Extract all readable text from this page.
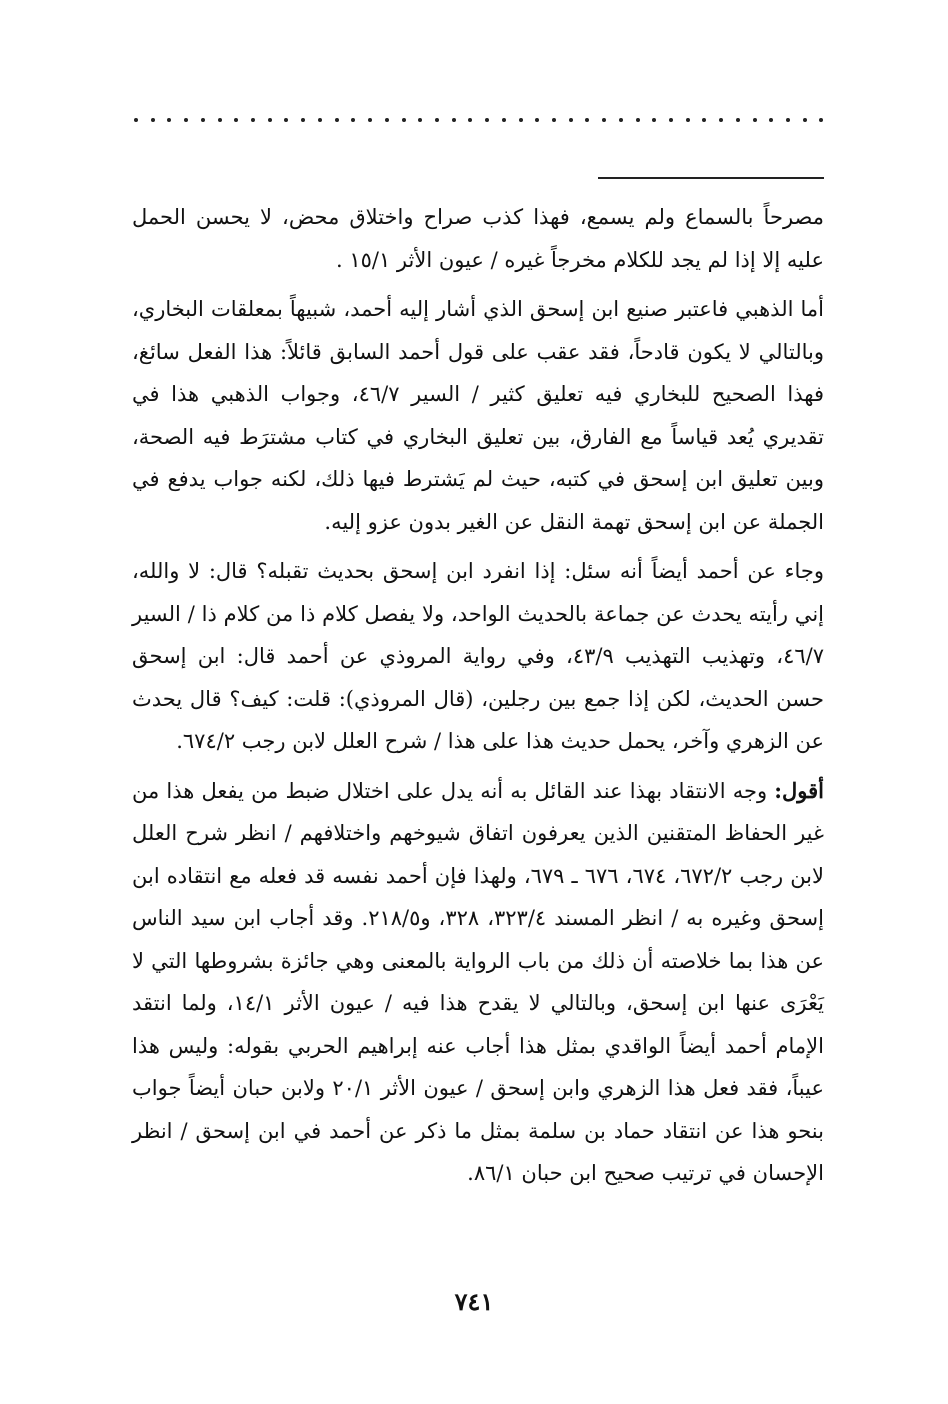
مصرحاً بالسماع ولم يسمع، فهذا كذب صراح واختلاق محض، لا يحسن الحمل عليه إلا إذا لم يجد للكلام مخرجاً غيره / عيون الأثر ١٥/١ .

أما الذهبي فاعتبر صنيع ابن إسحق الذي أشار إليه أحمد، شبيهاً بمعلقات البخاري، وبالتالي لا يكون قادحاً، فقد عقب على قول أحمد السابق قائلاً: هذا الفعل سائغ، فهذا الصحيح للبخاري فيه تعليق كثير / السير ٤٦/٧، وجواب الذهبي هذا في تقديري يُعد قياساً مع الفارق، بين تعليق البخاري في كتاب مشترَط فيه الصحة، وبين تعليق ابن إسحق في كتبه، حيث لم يَشترط فيها ذلك، لكنه جواب يدفع في الجملة عن ابن إسحق تهمة النقل عن الغير بدون عزو إليه.

وجاء عن أحمد أيضاً أنه سئل: إذا انفرد ابن إسحق بحديث تقبله؟ قال: لا والله، إني رأيته يحدث عن جماعة بالحديث الواحد، ولا يفصل كلام ذا من كلام ذا / السير ٤٦/٧، وتهذيب التهذيب ٤٣/٩، وفي رواية المروذي عن أحمد قال: ابن إسحق حسن الحديث، لكن إذا جمع بين رجلين، (قال المروذي): قلت: كيف؟ قال يحدث عن الزهري وآخر، يحمل حديث هذا على هذا / شرح العلل لابن رجب ٦٧٤/٢.

أقول: وجه الانتقاد بهذا عند القائل به أنه يدل على اختلال ضبط من يفعل هذا من غير الحفاظ المتقنين الذين يعرفون اتفاق شيوخهم واختلافهم / انظر شرح العلل لابن رجب ٦٧٢/٢، ٦٧٤، ٦٧٦ ـ ٦٧٩، ولهذا فإن أحمد نفسه قد فعله مع انتقاده ابن إسحق وغيره به / انظر المسند ٣٢٣/٤، ٣٢٨، و٢١٨/٥. وقد أجاب ابن سيد الناس عن هذا بما خلاصته أن ذلك من باب الرواية بالمعنى وهي جائزة بشروطها التي لا يَعْرَى عنها ابن إسحق، وبالتالي لا يقدح هذا فيه / عيون الأثر ١٤/١، ولما انتقد الإمام أحمد أيضاً الواقدي بمثل هذا أجاب عنه إبراهيم الحربي بقوله: وليس هذا عيباً، فقد فعل هذا الزهري وابن إسحق / عيون الأثر ٢٠/١ ولابن حبان أيضاً جواب بنحو هذا عن انتقاد حماد بن سلمة بمثل ما ذكر عن أحمد في ابن إسحق / انظر الإحسان في ترتيب صحيح ابن حبان ٨٦/١.

٧٤١
